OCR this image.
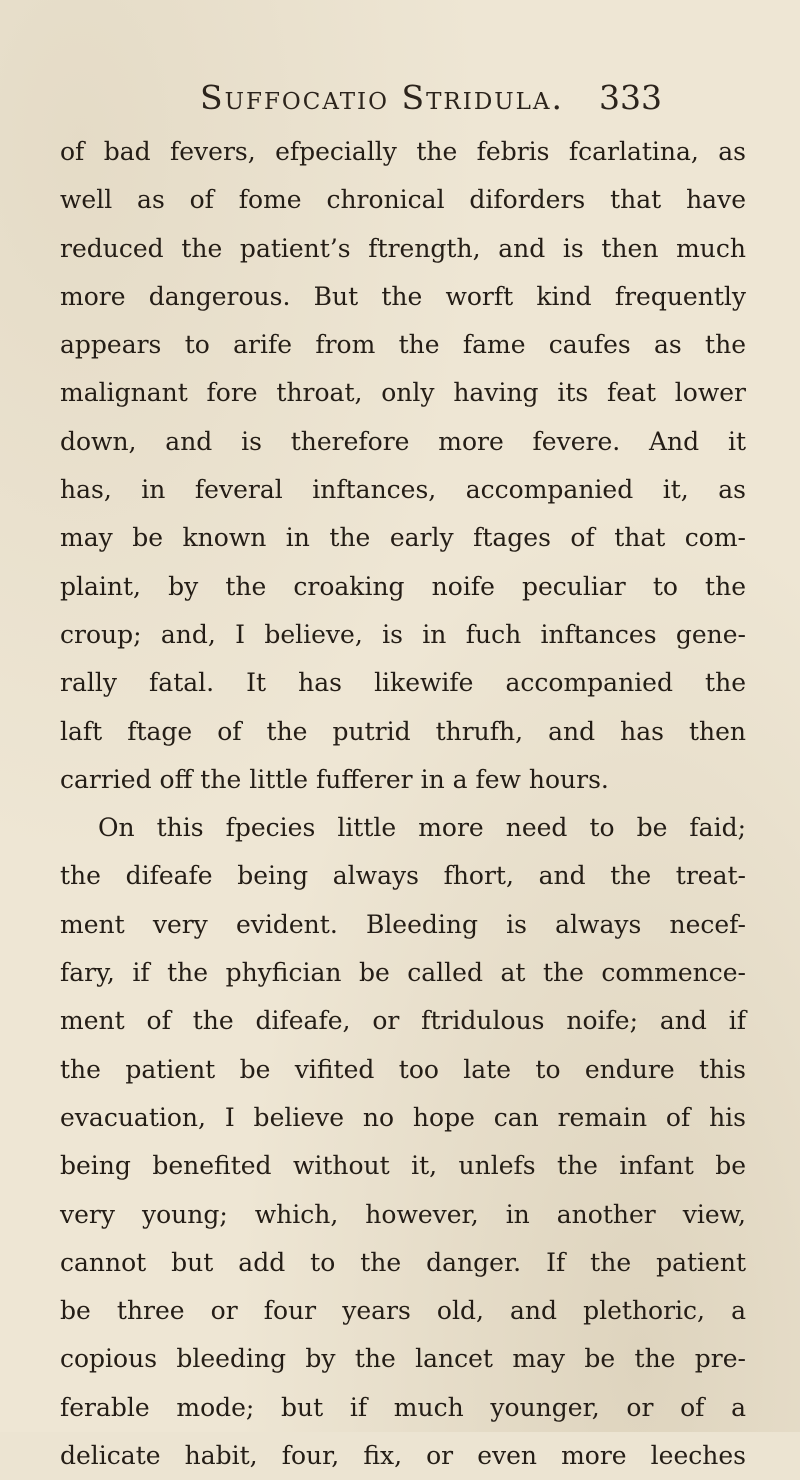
Suffocatio Stridula. 333
of bad fevers, efpecially the febris fcarlatina, as
well as of fome chronical diforders that have
reduced the patient’s ftrength, and is then much
more dangerous. But the worft kind frequently
appears to arife from the fame caufes as the
malignant fore throat, only having its feat lower
down, and is therefore more fevere. And it
has, in feveral inftances, accompanied it, as
may be known in the early ftages of that com-
plaint, by the croaking noife peculiar to the
croup; and, I believe, is in fuch inftances gene-
rally fatal. It has likewife accompanied the
laft ftage of the putrid thrufh, and has then
carried off the little fufferer in a few hours.
On this fpecies little more need to be faid;
the difeafe being always fhort, and the treat-
ment very evident. Bleeding is always necef-
fary, if the phyfician be called at the commence-
ment of the difeafe, or ftridulous noife; and if
the patient be vifited too late to endure this
evacuation, I believe no hope can remain of his
being benefited without it, unlefs the infant be
very young; which, however, in another view,
cannot but add to the danger. If the patient
be three or four years old, and plethoric, a
copious bleeding by the lancet may be the pre-
ferable mode; but if much younger, or of a
delicate habit, four, fix, or even more leeches
